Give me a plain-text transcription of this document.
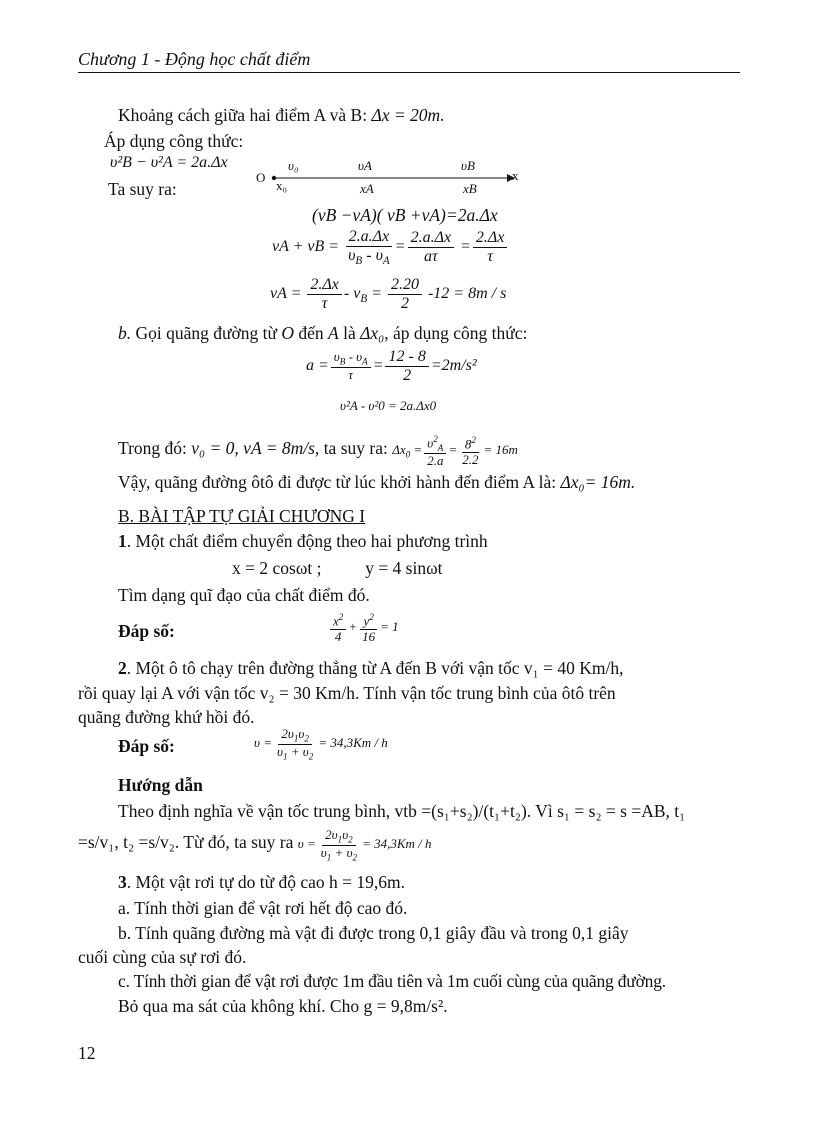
Chương 1 - Động học chất điểm
Khoảng cách giữa hai điểm A và B: Δx = 20m.
Áp dụng công thức:
υ²B − υ²A = 2a.Δx
Ta suy ra:
O
x₀
υ₀	υA	υB
xA	xB
x
(vB −vA)( vB +vA)=2a.Δx
vA + vB = $\frac{2.a.\Delta x}{\upsilon_B - \upsilon_A} = \frac{2.a.\Delta x}{a\tau} = \frac{2.\Delta x}{\tau}$
vA = $\frac{2.\Delta x}{\tau} - v_B = \frac{2.20}{2} -12 = 8m / s$
b. Gọi quãng đường từ O đến A là Δx₀, áp dụng công thức:
$a = \frac{\upsilon_B - \upsilon_A}{\tau} = \frac{12 - 8}{2} =2m/s^2$
υ²A - υ²0 = 2a.Δx0
Trong đó: v₀ = 0, vA = 8m/s, ta suy ra: $\Delta x_0 = \frac{\upsilon^2_A}{2.a} = \frac{8^2}{2.2} = 16m$
Vậy, quãng đường ôtô đi được từ lúc khởi hành đến điểm A là: Δx₀= 16m.
B. BÀI TẬP TỰ GIẢI CHƯƠNG I
1. Một chất điểm chuyển động theo hai phương trình
x = 2 cosωt ;          y = 4 sinωt
Tìm dạng quĩ đạo của chất điểm đó.
Đáp số:	$\frac{x^2}{4} + \frac{y^2}{16} = 1$
2. Một ô tô chạy trên đường thẳng từ A đến B với vận tốc v₁ = 40 Km/h,
rồi quay lại A với vận tốc v₂ = 30 Km/h. Tính vận tốc trung bình của ôtô trên
quãng đường khứ hồi đó.
Đáp số:	$\upsilon = \frac{2\upsilon_1\upsilon_2}{\upsilon_1 + \upsilon_2} = 34,3Km / h$
Hướng dẫn
Theo định nghĩa về vận tốc trung bình, vtb =(s₁+s₂)/(t₁+t₂). Vì s₁ = s₂ = s =AB, t₁
=s/v₁, t₂ =s/v₂. Từ đó, ta suy ra $\upsilon = \frac{2\upsilon_1\upsilon_2}{\upsilon_1 + \upsilon_2} = 34,3Km / h$
3. Một vật rơi tự do từ độ cao h = 19,6m.
a. Tính thời gian để vật rơi hết độ cao đó.
b. Tính quãng đường mà vật đi được trong 0,1 giây đầu và trong 0,1 giây
cuối cùng của sự rơi đó.
c. Tính thời gian để vật rơi được 1m đầu tiên và 1m cuối cùng của quãng đường.
Bỏ qua ma sát của không khí. Cho g = 9,8m/s².
12
